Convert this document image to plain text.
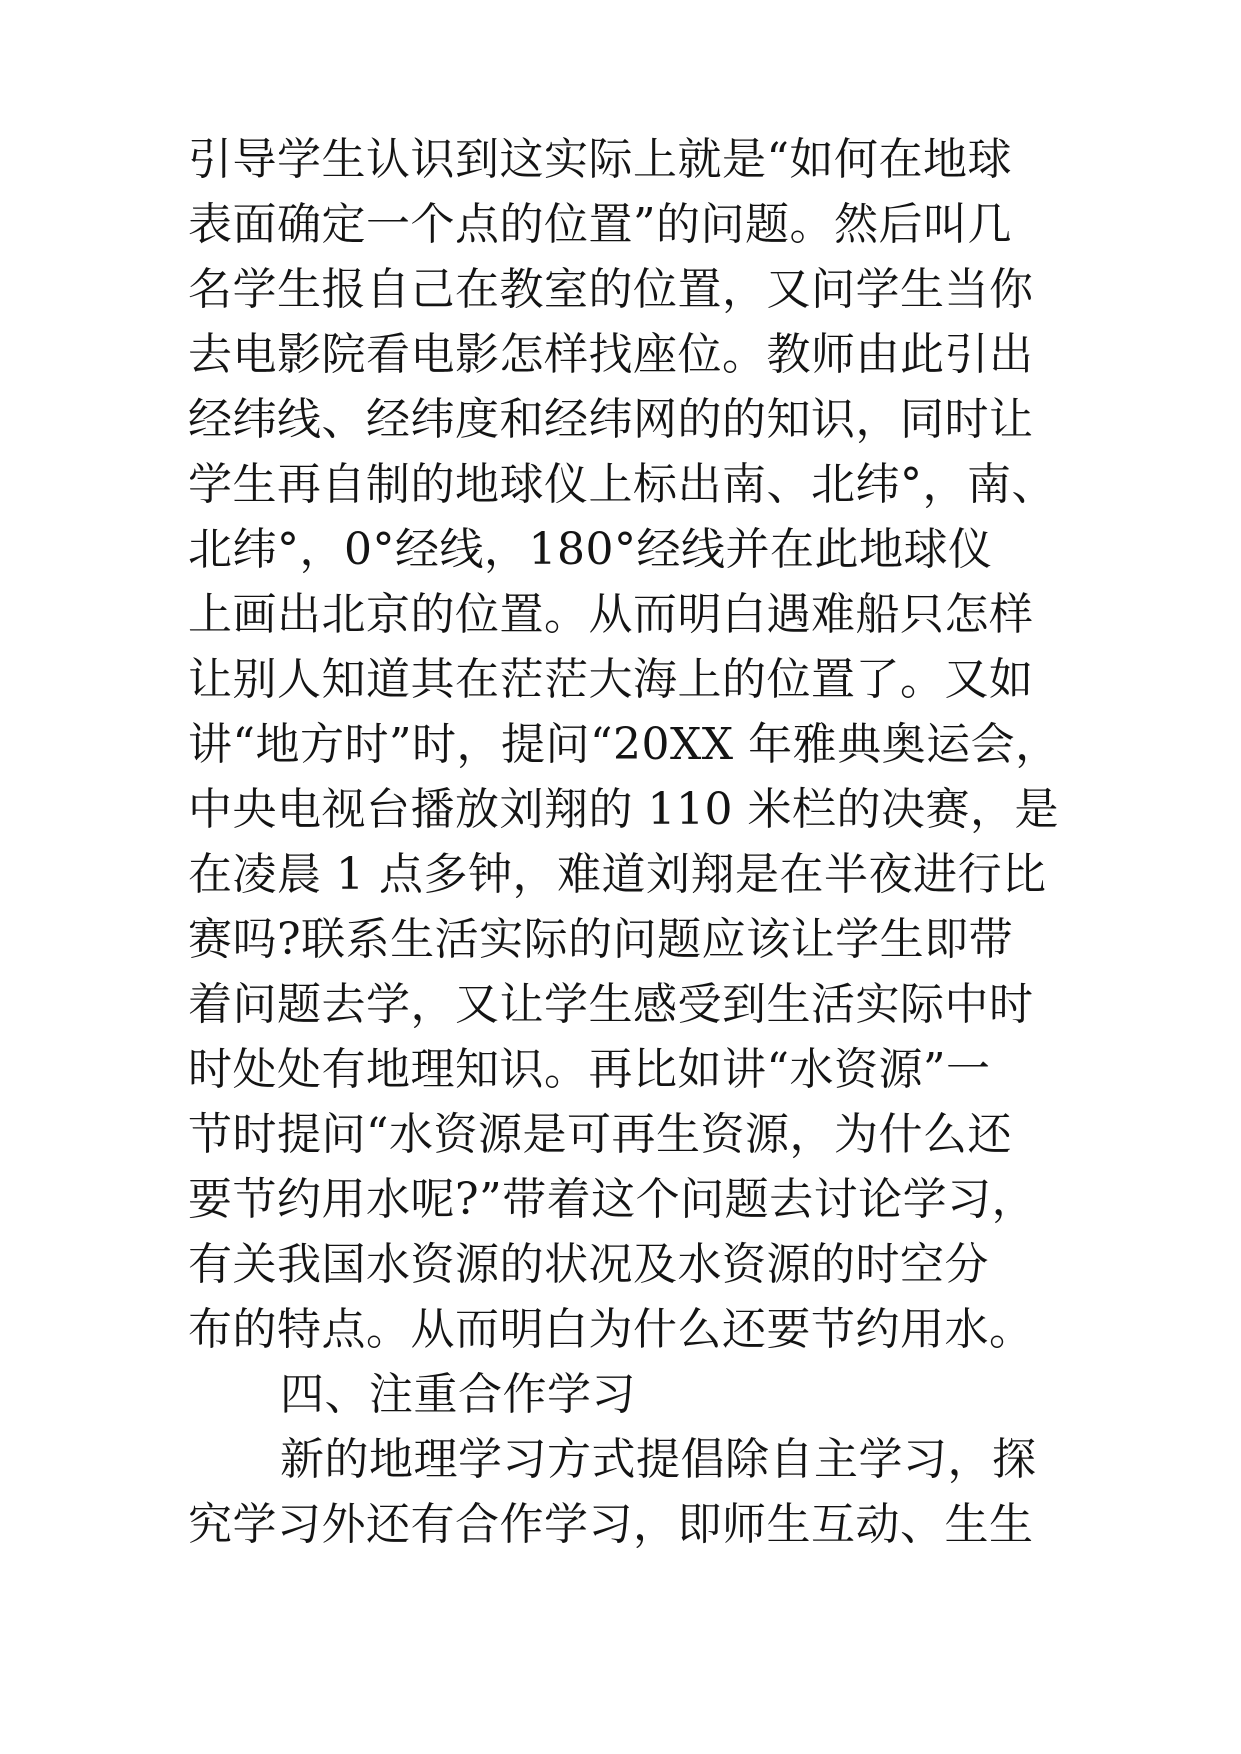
引导学生认识到这实际上就是“如何在地球
表面确定一个点的位置”的问题。然后叫几
名学生报自己在教室的位置，又问学生当你
去电影院看电影怎样找座位。教师由此引出
经纬线、经纬度和经纬网的的知识，同时让
学生再自制的地球仪上标出南、北纬°，南、
北纬°，0°经线，180°经线并在此地球仪
上画出北京的位置。从而明白遇难船只怎样
让别人知道其在茫茫大海上的位置了。又如
讲“地方时”时，提问“20XX 年雅典奥运会，
中央电视台播放刘翔的 110 米栏的决赛，是
在凌晨 1 点多钟，难道刘翔是在半夜进行比
赛吗?联系生活实际的问题应该让学生即带
着问题去学，又让学生感受到生活实际中时
时处处有地理知识。再比如讲“水资源”一
节时提问“水资源是可再生资源，为什么还
要节约用水呢?”带着这个问题去讨论学习，
有关我国水资源的状况及水资源的时空分
布的特点。从而明白为什么还要节约用水。
四、注重合作学习
新的地理学习方式提倡除自主学习，探
究学习外还有合作学习，即师生互动、生生
